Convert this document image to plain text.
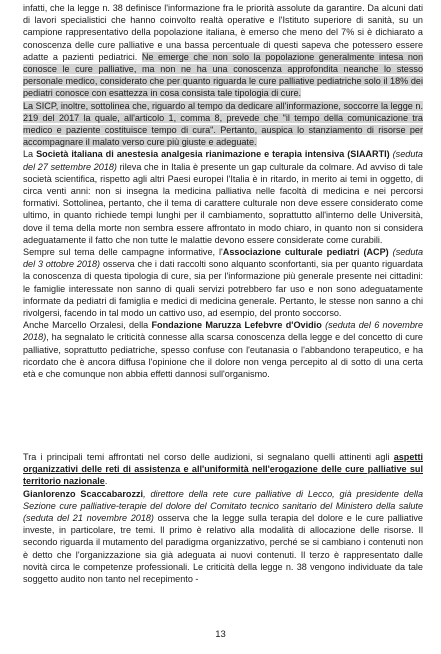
infatti, che la legge n. 38 definisce l'informazione fra le priorità assolute da garantire. Da alcuni dati di lavori specialistici che hanno coinvolto realtà operative e l'Istituto superiore di sanità, su un campione rappresentativo della popolazione italiana, è emerso che meno del 7% si è dichiarato a conoscenza delle cure palliative e una bassa percentuale di questi sapeva che potessero essere adatte a pazienti pediatrici. Ne emerge che non solo la popolazione generalmente intesa non conosce le cure palliative, ma non ne ha una conoscenza approfondita neanche lo stesso personale medico, considerato che per quanto riguarda le cure palliative pediatriche solo il 18% dei pediatri conosce con esattezza in cosa consista tale tipologia di cure.

La SICP, inoltre, sottolinea che, riguardo al tempo da dedicare all'informazione, soccorre la legge n. 219 del 2017 la quale, all'articolo 1, comma 8, prevede che "il tempo della comunicazione tra medico e paziente costituisce tempo di cura". Pertanto, auspica lo stanziamento di risorse per accompagnare il malato verso cure più giuste e adeguate.

La Società italiana di anestesia analgesia rianimazione e terapia intensiva (SIAARTI) (seduta del 27 settembre 2018) rileva che in Italia è presente un gap culturale da colmare. Ad avviso di tale società scientifica, rispetto agli altri Paesi europei l'Italia è in ritardo, in merito ai temi in oggetto, di circa venti anni: non si insegna la medicina palliativa nelle facoltà di medicina e nei percorsi formativi. Sottolinea, pertanto, che il tema di carattere culturale non deve essere considerato come ultimo, in quanto richiede tempi lunghi per il cambiamento, soprattutto all'interno delle Università, dove il tema della morte non sembra essere affrontato in modo chiaro, in quanto non si considera adeguatamente il fatto che non tutte le malattie devono essere considerate come curabili.

Sempre sul tema delle campagne informative, l'Associazione culturale pediatri (ACP) (seduta del 3 ottobre 2018) osserva che i dati raccolti sono alquanto sconfortanti, sia per quanto riguardata la conoscenza di questa tipologia di cure, sia per l'informazione più generale presente nei cittadini: le famiglie interessate non sanno di quali servizi potrebbero far uso e non sono adeguatamente informate da pediatri di famiglia e medici di medicina generale. Pertanto, le stesse non sanno a chi rivolgersi, facendo in tal modo un cattivo uso, ad esempio, del pronto soccorso.

Anche Marcello Orzalesi, della Fondazione Maruzza Lefebvre d'Ovidio (seduta del 6 novembre 2018), ha segnalato le criticità connesse alla scarsa conoscenza della legge e del concetto di cure palliative, soprattutto pediatriche, spesso confuse con l'eutanasia o l'abbandono terapeutico, e ha ricordato che è ancora diffusa l'opinione che il dolore non venga percepito al di sotto di una certa età e che comunque non abbia effetti dannosi sull'organismo.

Tra i principali temi affrontati nel corso delle audizioni, si segnalano quelli attinenti agli aspetti organizzativi delle reti di assistenza e all'uniformità nell'erogazione delle cure palliative sul territorio nazionale.

Gianlorenzo Scaccabarozzi, direttore della rete cure palliative di Lecco, già presidente della Sezione cure palliative-terapie del dolore del Comitato tecnico sanitario del Ministero della salute (seduta del 21 novembre 2018) osserva che la legge sulla terapia del dolore e le cure palliative investe, in particolare, tre temi. Il primo è relativo alla modalità di allocazione delle risorse. Il secondo riguarda il mutamento del paradigma organizzativo, perché se si cambiano i contenuti non è detto che l'organizzazione sia già adeguata ai nuovi contenuti. Il terzo è rappresentato dalle novità circa le competenze professionali. Le criticità della legge n. 38 vengono individuate da tale soggetto audito non tanto nel recepimento -

13
